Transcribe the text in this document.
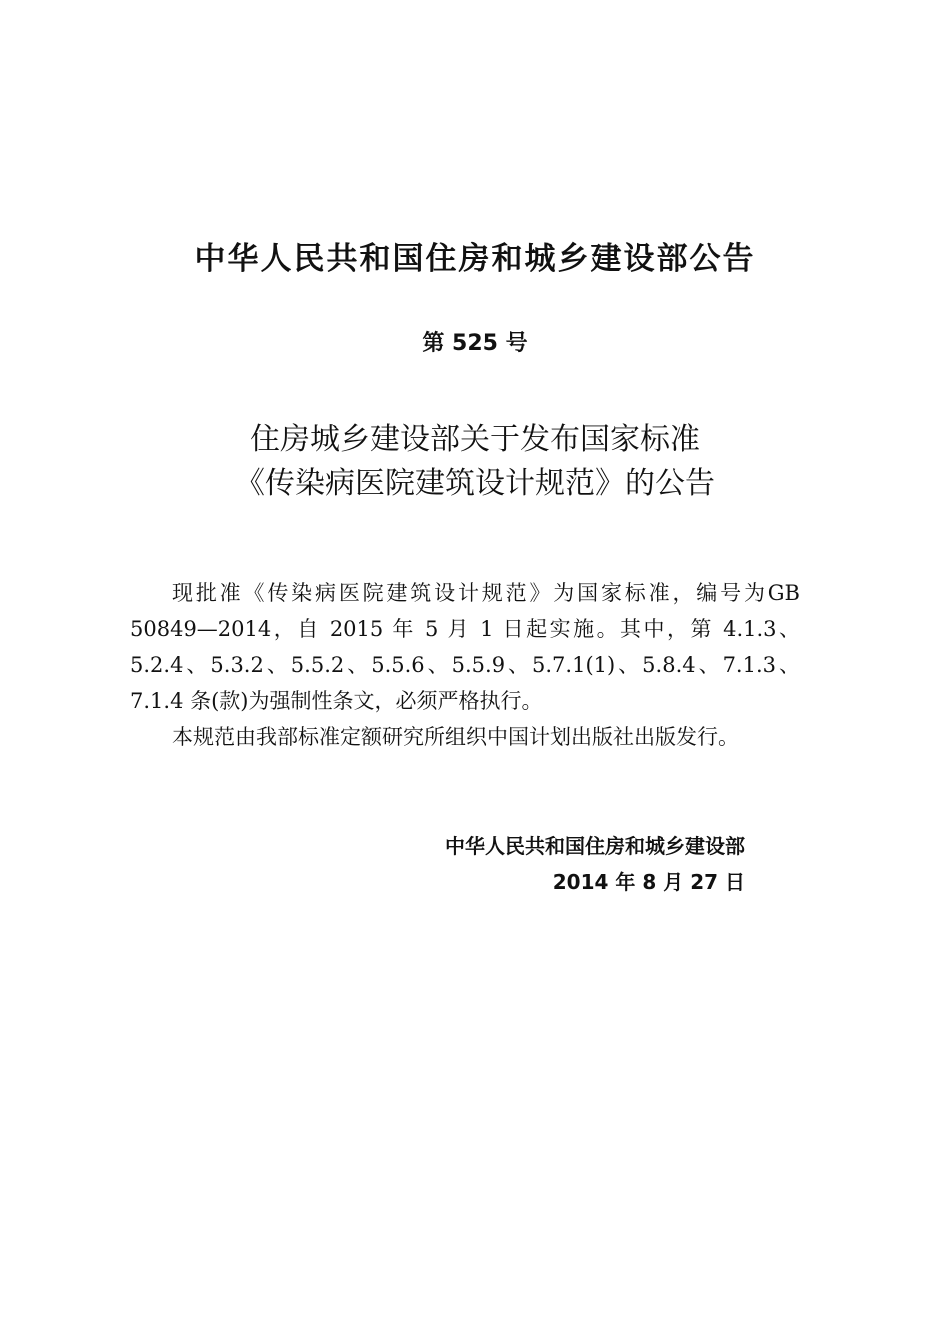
中华人民共和国住房和城乡建设部公告
第 525 号
住房城乡建设部关于发布国家标准
《传染病医院建筑设计规范》的公告

现批准《传染病医院建筑设计规范》为国家标准，编号为GB 50849—2014，自 2015 年 5 月 1 日起实施。其中，第 4.1.3、5.2.4、5.3.2、5.5.2、5.5.6、5.5.9、5.7.1(1)、5.8.4、7.1.3、7.1.4 条(款)为强制性条文，必须严格执行。

本规范由我部标准定额研究所组织中国计划出版社出版发行。

中华人民共和国住房和城乡建设部
2014 年 8 月 27 日
